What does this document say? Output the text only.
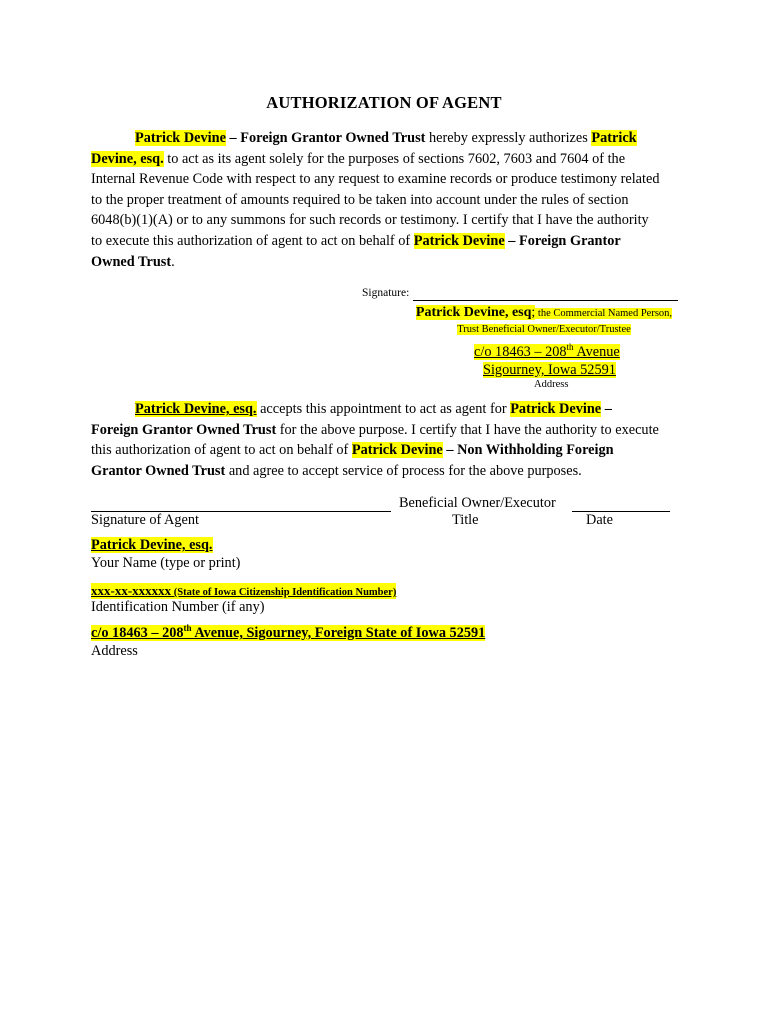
AUTHORIZATION OF AGENT
Patrick Devine – Foreign Grantor Owned Trust hereby expressly authorizes Patrick Devine, esq. to act as its agent solely for the purposes of sections 7602, 7603 and 7604 of the Internal Revenue Code with respect to any request to examine records or produce testimony related to the proper treatment of amounts required to be taken into account under the rules of section 6048(b)(1)(A) or to any summons for such records or testimony. I certify that I have the authority to execute this authorization of agent to act on behalf of Patrick Devine – Foreign Grantor Owned Trust.
Signature:
Patrick Devine, esq; the Commercial Named Person, Trust Beneficial Owner/Executor/Trustee
c/o 18463 – 208th Avenue
Sigourney, Iowa 52591
Address
Patrick Devine, esq. accepts this appointment to act as agent for Patrick Devine – Foreign Grantor Owned Trust for the above purpose. I certify that I have the authority to execute this authorization of agent to act on behalf of Patrick Devine – Non Withholding Foreign Grantor Owned Trust and agree to accept service of process for the above purposes.
Beneficial Owner/Executor
Signature of Agent	Title	Date
Patrick Devine, esq.
Your Name (type or print)
xxx-xx-xxxxxx (State of Iowa Citizenship Identification Number)
Identification Number (if any)
c/o 18463 – 208th Avenue, Sigourney, Foreign State of Iowa 52591
Address
